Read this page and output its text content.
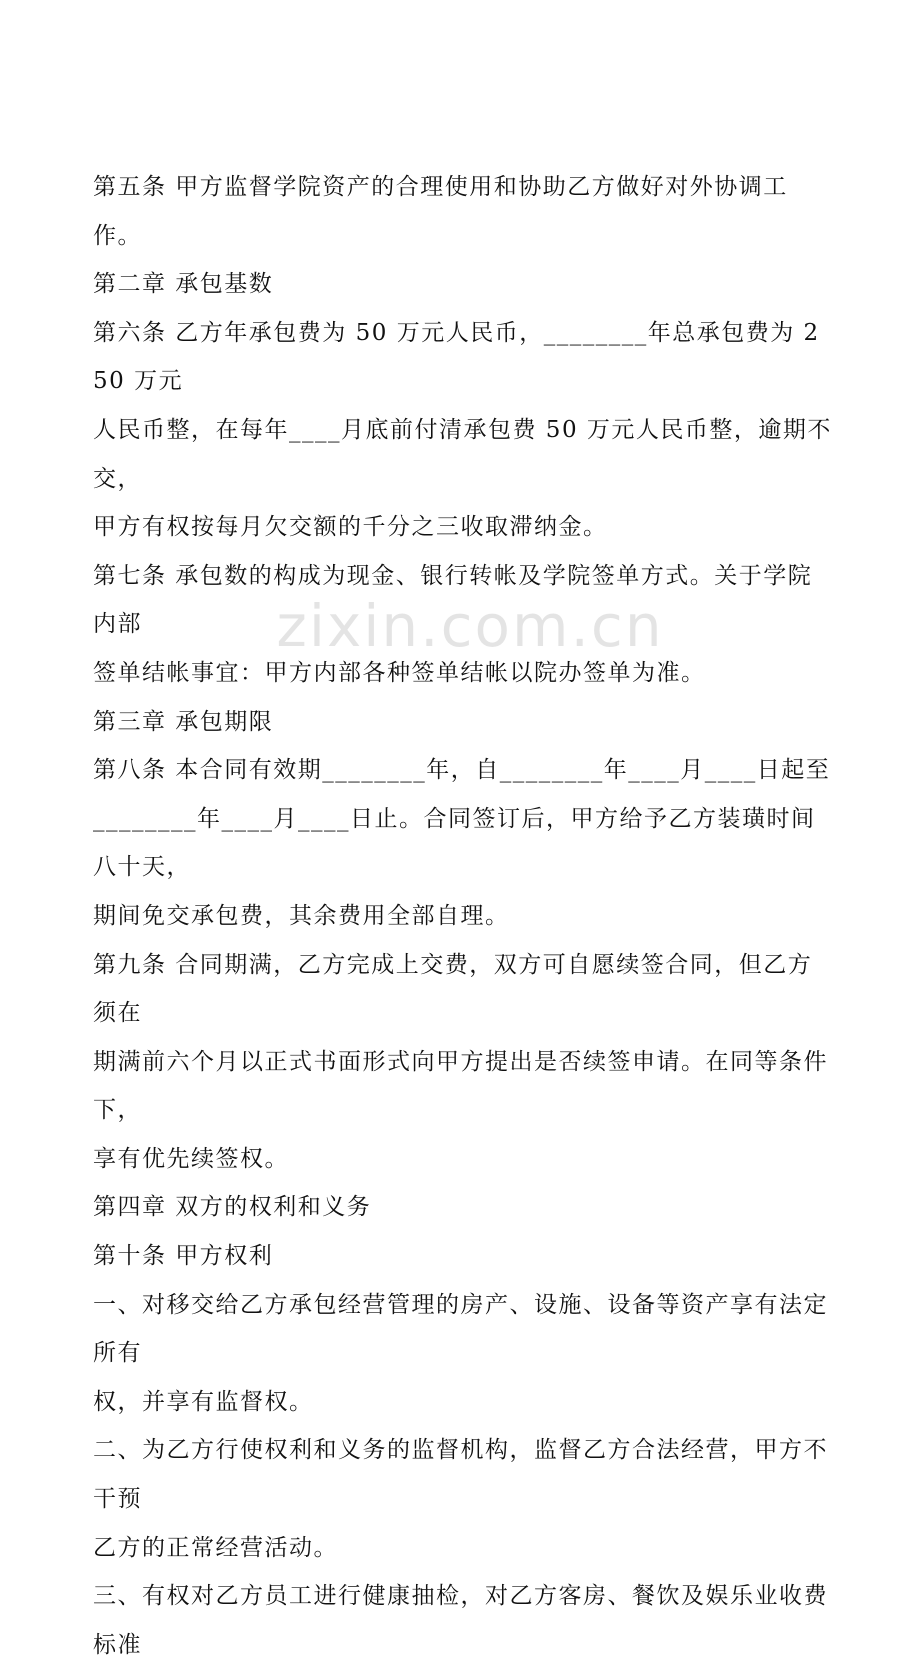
第五条 甲方监督学院资产的合理使用和协助乙方做好对外协调工作。

第二章 承包基数

第六条 乙方年承包费为 50 万元人民币，________年总承包费为 250 万元

人民币整，在每年____月底前付清承包费 50 万元人民币整，逾期不交，

甲方有权按每月欠交额的千分之三收取滞纳金。

第七条 承包数的构成为现金、银行转帐及学院签单方式。关于学院内部

签单结帐事宜：甲方内部各种签单结帐以院办签单为准。

第三章 承包期限

第八条 本合同有效期________年，自________年____月____日起至

________年____月____日止。合同签订后，甲方给予乙方装璜时间八十天，

期间免交承包费，其余费用全部自理。

第九条 合同期满，乙方完成上交费，双方可自愿续签合同，但乙方须在

期满前六个月以正式书面形式向甲方提出是否续签申请。在同等条件下，

享有优先续签权。

第四章 双方的权利和义务

第十条 甲方权利

一、对移交给乙方承包经营管理的房产、设施、设备等资产享有法定所有

权，并享有监督权。

二、为乙方行使权利和义务的监督机构，监督乙方合法经营，甲方不干预

乙方的正常经营活动。

三、有权对乙方员工进行健康抽检，对乙方客房、餐饮及娱乐业收费标准

zixin.com.cn
